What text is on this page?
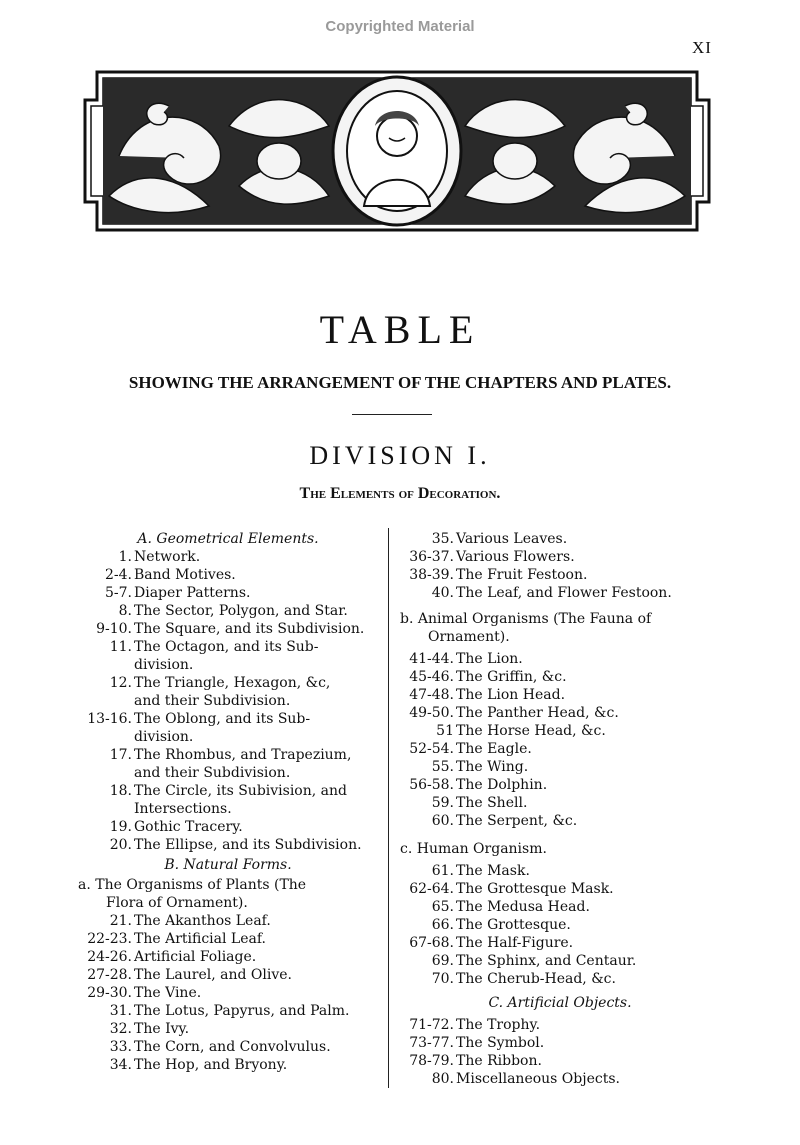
Copyrighted Material
XI
TABLE
SHOWING THE ARRANGEMENT OF THE CHAPTERS AND PLATES.
DIVISION I.
The Elements of Decoration.
A. Geometrical Elements.
1. Network.
2-4. Band Motives.
5-7. Diaper Patterns.
8. The Sector, Polygon, and Star.
9-10. The Square, and its Subdivision.
11. The Octagon, and its Sub-
division.
12. The Triangle, Hexagon, &c,
and their Subdivision.
13-16. The Oblong, and its Sub-
division.
17. The Rhombus, and Trapezium,
and their Subdivision.
18. The Circle, its Subivision, and
Intersections.
19. Gothic Tracery.
20. The Ellipse, and its Subdivision.
B. Natural Forms.
a. The Organisms of Plants (The
Flora of Ornament).
21. The Akanthos Leaf.
22-23. The Artificial Leaf.
24-26. Artificial Foliage.
27-28. The Laurel, and Olive.
29-30. The Vine.
31. The Lotus, Papyrus, and Palm.
32. The Ivy.
33. The Corn, and Convolvulus.
34. The Hop, and Bryony.
35. Various Leaves.
36-37. Various Flowers.
38-39. The Fruit Festoon.
40. The Leaf, and Flower Festoon.
b. Animal Organisms (The Fauna of
Ornament).
41-44. The Lion.
45-46. The Griffin, &c.
47-48. The Lion Head.
49-50. The Panther Head, &c.
51 The Horse Head, &c.
52-54. The Eagle.
55. The Wing.
56-58. The Dolphin.
59. The Shell.
60. The Serpent, &c.
c. Human Organism.
61. The Mask.
62-64. The Grottesque Mask.
65. The Medusa Head.
66. The Grottesque.
67-68. The Half-Figure.
69. The Sphinx, and Centaur.
70. The Cherub-Head, &c.
C. Artificial Objects.
71-72. The Trophy.
73-77. The Symbol.
78-79. The Ribbon.
80. Miscellaneous Objects.
